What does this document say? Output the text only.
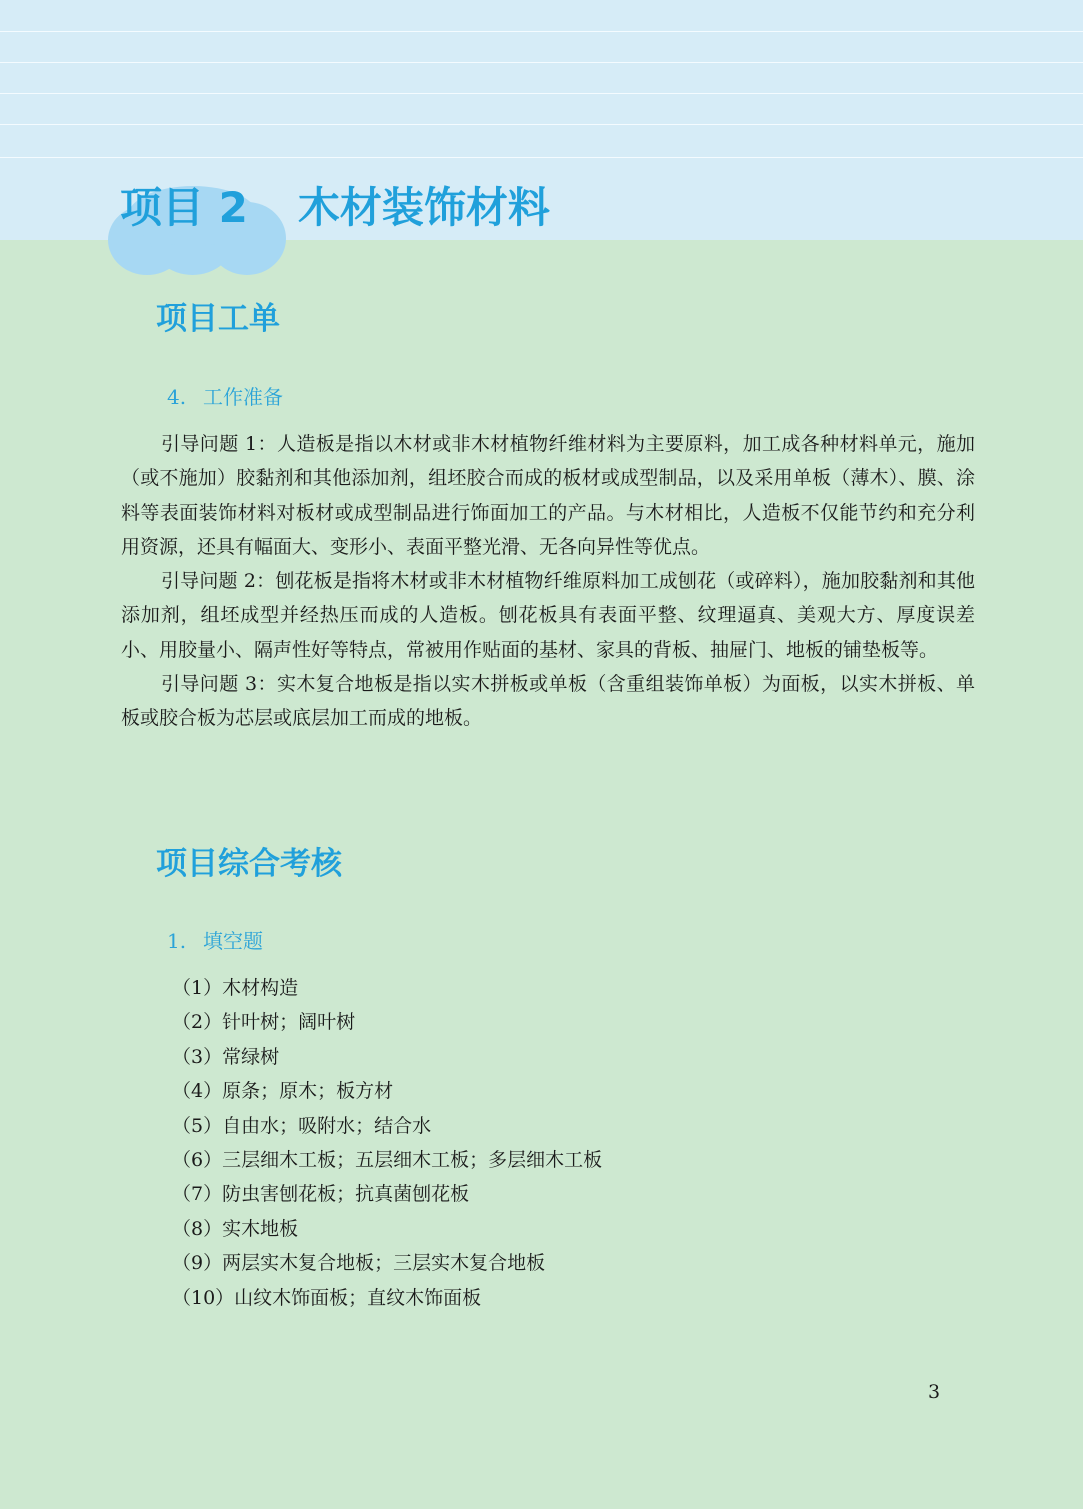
项目 2 木材装饰材料
项目工单
4. 工作准备

引导问题 1：人造板是指以木材或非木材植物纤维材料为主要原料，加工成各种材料单元，施加（或不施加）胶黏剂和其他添加剂，组坯胶合而成的板材或成型制品，以及采用单板（薄木）、膜、涂料等表面装饰材料对板材或成型制品进行饰面加工的产品。与木材相比，人造板不仅能节约和充分利用资源，还具有幅面大、变形小、表面平整光滑、无各向异性等优点。

引导问题 2：刨花板是指将木材或非木材植物纤维原料加工成刨花（或碎料），施加胶黏剂和其他添加剂，组坯成型并经热压而成的人造板。刨花板具有表面平整、纹理逼真、美观大方、厚度误差小、用胶量小、隔声性好等特点，常被用作贴面的基材、家具的背板、抽屉门、地板的铺垫板等。

引导问题 3：实木复合地板是指以实木拼板或单板（含重组装饰单板）为面板，以实木拼板、单板或胶合板为芯层或底层加工而成的地板。

项目综合考核
1. 填空题
（1）木材构造
（2）针叶树；阔叶树
（3）常绿树
（4）原条；原木；板方材
（5）自由水；吸附水；结合水
（6）三层细木工板；五层细木工板；多层细木工板
（7）防虫害刨花板；抗真菌刨花板
（8）实木地板
（9）两层实木复合地板；三层实木复合地板
（10）山纹木饰面板；直纹木饰面板
3
